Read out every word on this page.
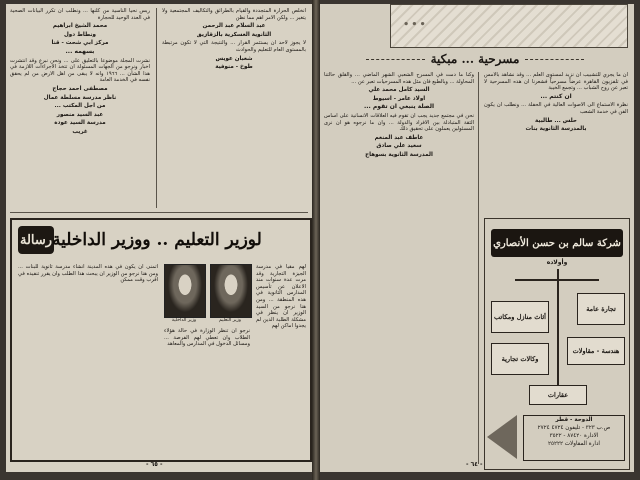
ريس نحيا الناسية من كلنها ... ونطلب ان تكرر البيانات الصحية في العدد الوحيد للحجارة

محمد الشيخ ابراهيم

ونطاط دول

مركز ابي شحت - قنا

بسهمه ...

نشرت المجلة موضوعا بالتعليق على ... ونحن نبرع وقد انتشرت اخبار ونرجو من الجهات المسئولة ان تتخذ الاجراءات اللازمة في هذا الشأن ... ١٩٦٦ وانه لا يبقى من اهل الارض من لم يحقق نفسه في الخدمة العامة

مصطفى احمد حجاج

ناظر مدرسة مسلطة عمال

من اجل المكتب ...

عبد السيد منصور

مدرسة السيد عودة

غريب

انخلص الحرارة المتجددة والقيام بالطرائق والتكاليف المجتمعية ولا يتغير ... ولكن الامر اهم مما نظن

عبد السلام عبد الرحمن

الثانوية العسكرية بالزقازيق

لا يجوز لاحد ان يستثمر القرار ... والنتيجة التي لا تكون مرتبطة بالمستوى العام للتعليم والحوادث

شعبان عويس

طوخ - منوفية

رسالة لوزير التعليم .. ووزير الداخلية
وزير الداخلية	وزير التعليم

لهم مقيا في مدرسة الجيزة التجارية وقد مرت عدة سنوات منذ الاعلان عن تأسيس المدارس الثانوية في هذه المنطقة ... ومن هنا نرجو من السيد الوزير ان ينظر في مشكلة الطلبة الذين لم يجدوا اماكن لهم

نرجو ان تنظر الوزارة في حالة هؤلاء الطلاب وان تعطي لهم الفرصة ... ومسائل الدخول في المدارس والمعاهد

اتمنى ان يكون في هذه المدينة انشاء مدرسة ثانوية للبنات ... ومن هنا نرجو من الوزير ان يبحث هذا الطلب وان يقرر تنفيذه في اقرب وقت ممكن

- ٦٥ -
...
مسرحية ... مبكية

ان ما يجري للتشبيب ان نزيد لمستوى العلم ... وقد نشاهد بالامس في تلفزيون القاهرة عرضاً مسرحياً فشعرنا ان هذه المسرحية لا تعبر عن روح الشباب ... وتجمع الخيبة

ان كنتم ...

نظرة الاستماع الى الاصوات العالية في الحفلة ... ونطلب ان يكون الفن في خدمة الشعب

حلس ... طالبية

بالمدرسة الثانوية بنات

وكنا ما دمت في المسرح الشعبي الشهر الماضي ... والقلق حالتنا المحاولة ... وبالطبع فان مثل هذه المسرحيات تعبر عن ...

السيد كامل محمد علي

اولاد عامر - اسيوط

الصلة ينبغي ان تقوم ...

نحن في مجتمع جديد يجب ان تقوم فيه العلاقات الانسانية على اساس الثقة المتبادلة بين الافراد والدولة ... وان ما نرجوه هو ان نرى المسئولين يعملون على تحقيق ذلك

عاطف عبد المنعم

سعيد علي صادق

المدرسة الثانوية بسوهاج

شركة سالم بن حسن الأنصاري
وأولاده
تجارة عامة
أثاث منازل ومكاتب
هندسة - مقاولات
وكالات تجارية
عقارات
الدوحة - قطر
ص.ب ٣٢٣ - تليفون ٤٧٢٤ ٢٧٢٤
الادارة ٨٧٤٢٠ - ٣٥٢٢
ادارة المقاولات ٢٥٢٢٢
- ٦٤ -
